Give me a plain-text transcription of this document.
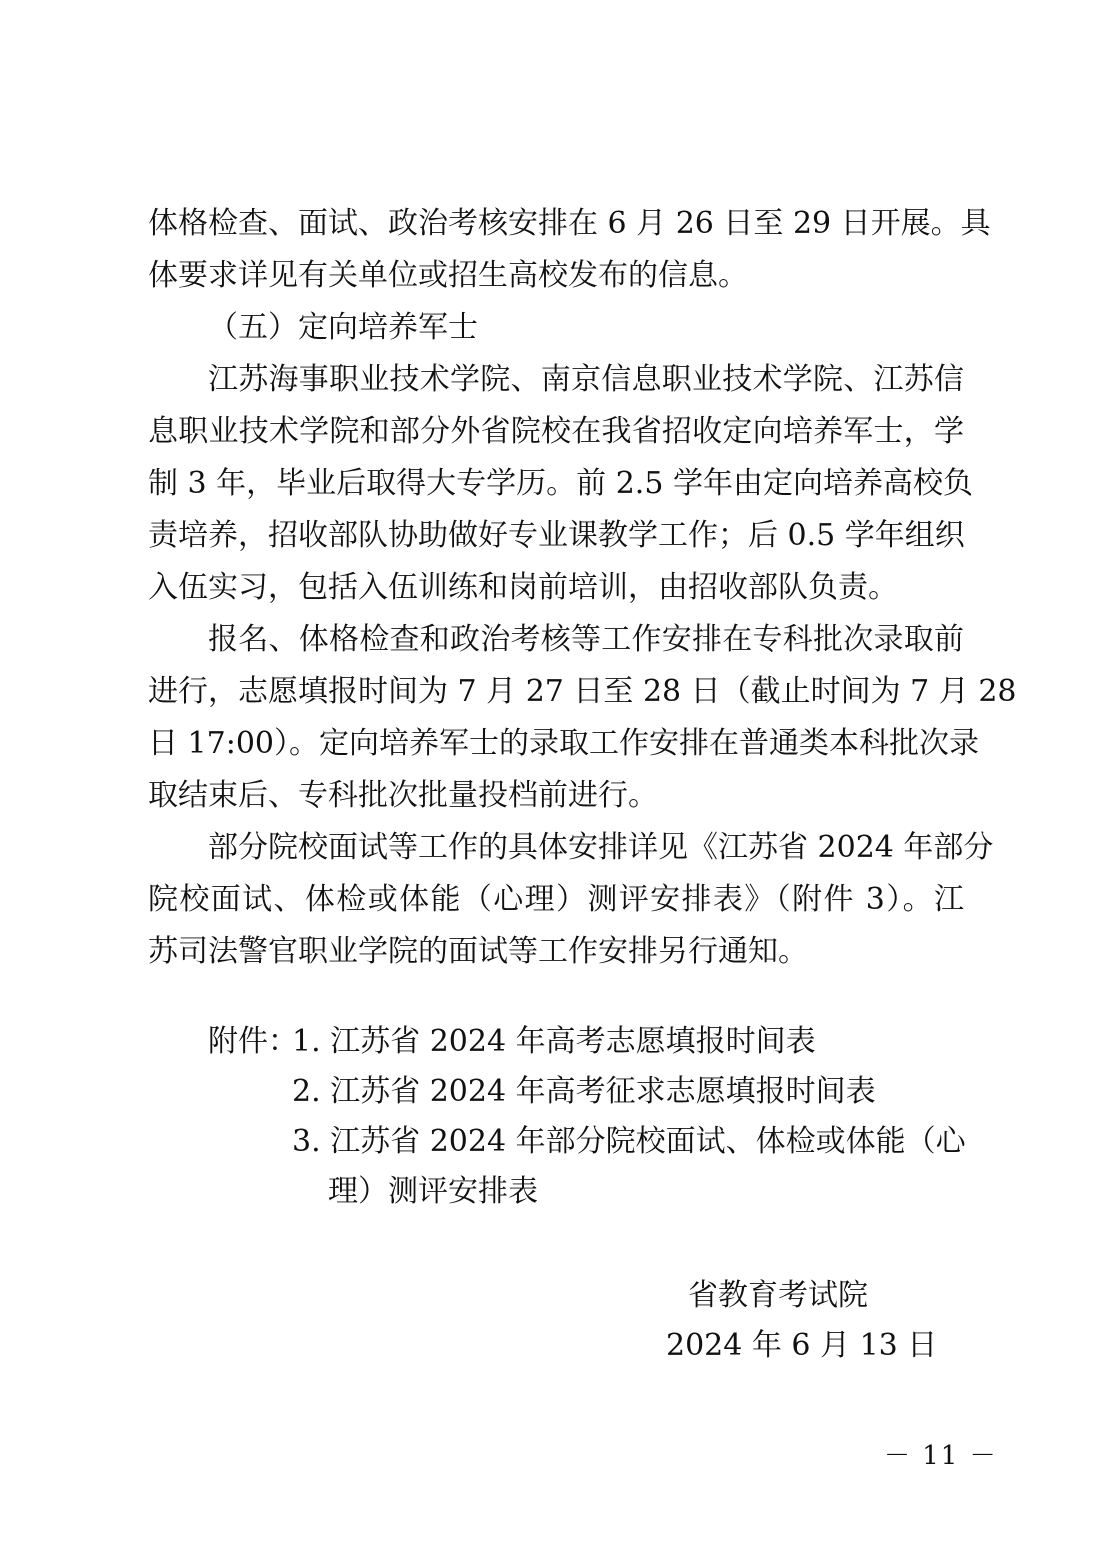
体格检查、面试、政治考核安排在 6 月 26 日至 29 日开展。具
体要求详见有关单位或招生高校发布的信息。
（五）定向培养军士
江苏海事职业技术学院、南京信息职业技术学院、江苏信
息职业技术学院和部分外省院校在我省招收定向培养军士，学
制 3 年，毕业后取得大专学历。前 2.5 学年由定向培养高校负
责培养，招收部队协助做好专业课教学工作；后 0.5 学年组织
入伍实习，包括入伍训练和岗前培训，由招收部队负责。
报名、体格检查和政治考核等工作安排在专科批次录取前
进行，志愿填报时间为 7 月 27 日至 28 日（截止时间为 7 月 28
日 17:00）。定向培养军士的录取工作安排在普通类本科批次录
取结束后、专科批次批量投档前进行。
部分院校面试等工作的具体安排详见《江苏省 2024 年部分
院校面试、体检或体能（心理）测评安排表》（附件 3）。江
苏司法警官职业学院的面试等工作安排另行通知。
附件：
1. 江苏省 2024 年高考志愿填报时间表
2. 江苏省 2024 年高考征求志愿填报时间表
3. 江苏省 2024 年部分院校面试、体检或体能（心
理）测评安排表
省教育考试院
2024 年 6 月 13 日
－ 11 －
